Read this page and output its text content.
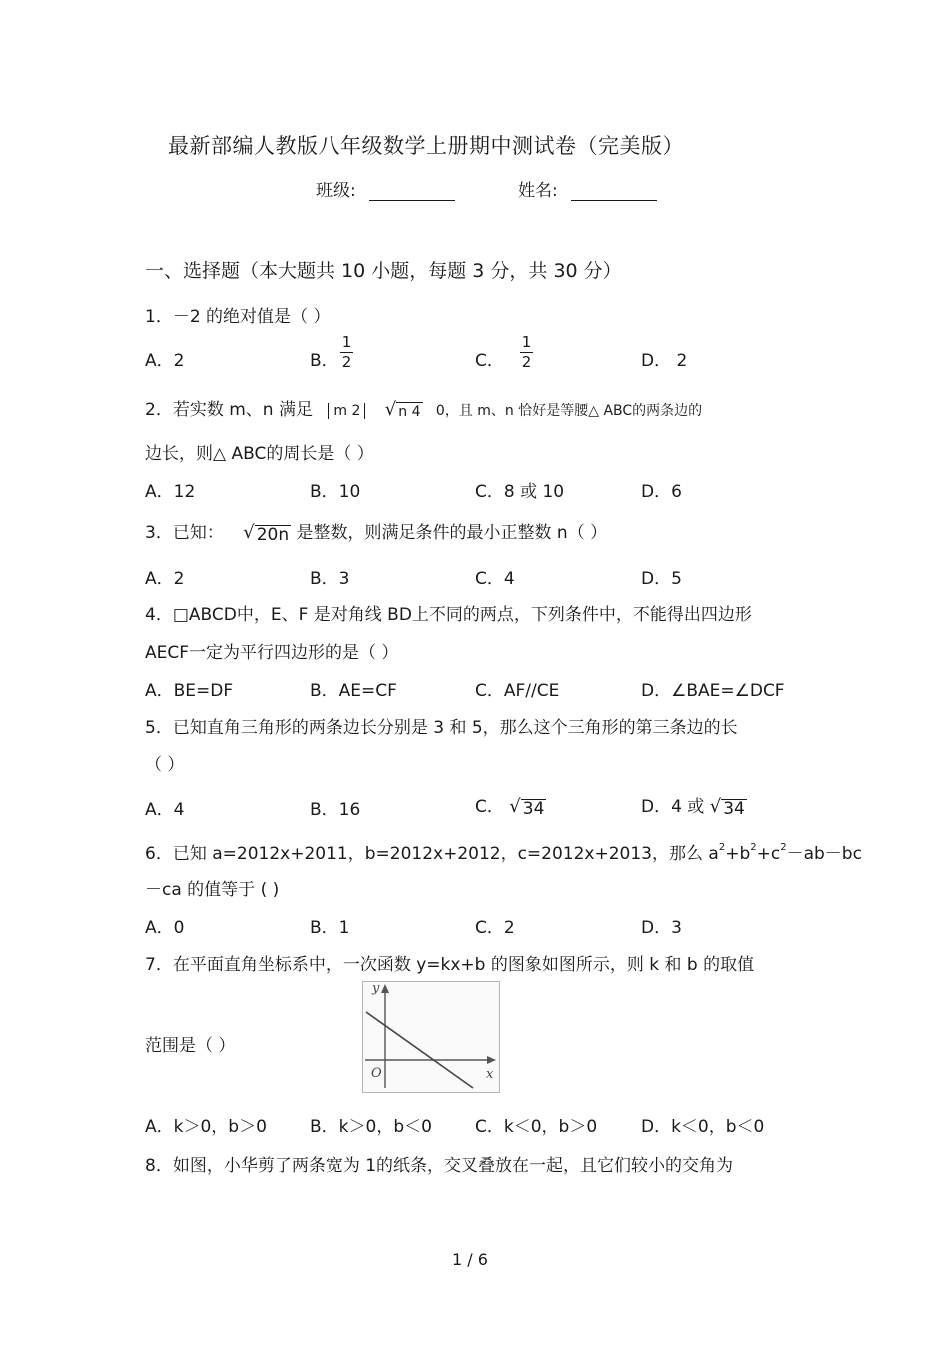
最新部编人教版八年级数学上册期中测试卷（完美版）
班级:	姓名:
一、选择题（本大题共 10 小题，每题 3 分，共 30 分）
1．－2 的绝对值是（ ）
A．2	B．
1
2	C．
1
2	D． 2
2．若实数 m、n 满足 m 2 √ n 4 0，且 m、n 恰好是等腰△ ABC的两条边的
边长，则△ ABC的周长是（ ）
A．12	B．10	C．8 或 10	D．6
3．已知： √ 20n 是整数，则满足条件的最小正整数 n（ ）
A．2	B．3	C．4	D．5
4．□ABCD中，E、F 是对角线 BD上不同的两点，下列条件中，不能得出四边形
AECF一定为平行四边形的是（ ）
A．BE=DF	B．AE=CF	C．AF//CE	D．∠BAE=∠DCF
5．已知直角三角形的两条边长分别是 3 和 5，那么这个三角形的第三条边的长
（ ）
A．4	B．16	C． √ 34	D．4 或 √ 34
6．已知 a=2012x+2011，b=2012x+2012，c=2012x+2013，那么 $a^2+b^2+c^2-ab-bc$
－ca 的值等于 ( )
A．0	B．1	C．2	D．3
7．在平面直角坐标系中，一次函数 y=kx+b 的图象如图所示，则 k 和 b 的取值
范围是（ ）
y
x
O
A．k＞0，b＞0	B．k＞0，b＜0	C．k＜0，b＞0	D．k＜0，b＜0
8．如图，小华剪了两条宽为 1的纸条，交叉叠放在一起，且它们较小的交角为
1 / 6
